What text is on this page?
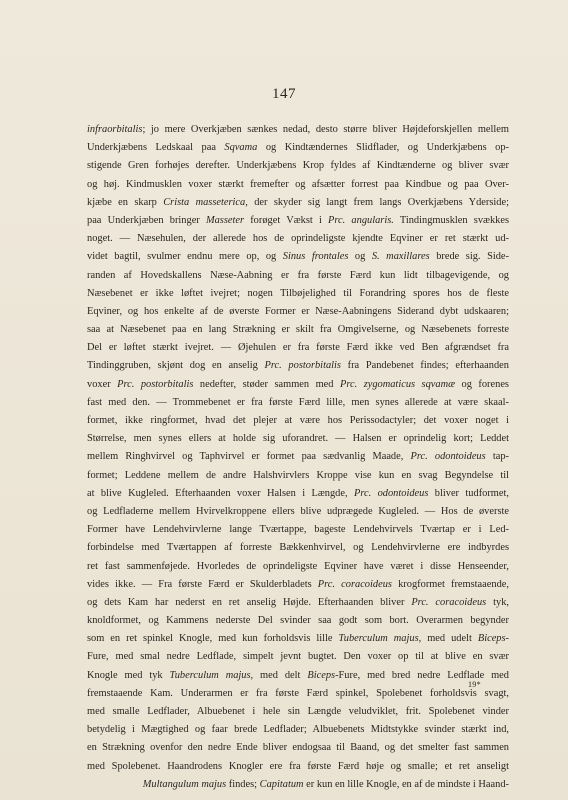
147
infraorbitalis; jo mere Overkjæben sænkes nedad, desto større bliver Højdeforskjellen mellem
Underkjæbens Ledskaal paa Sqvama og Kindtændernes Slidflader, og Underkjæbens op-
stigende Gren forhøjes derefter. Underkjæbens Krop fyldes af Kindtænderne og bliver svær
og høj. Kindmusklen voxer stærkt fremefter og afsætter forrest paa Kindbue og paa Over-
kjæbe en skarp Crista masseterica, der skyder sig langt frem langs Overkjæbens Yderside;
paa Underkjæben bringer Masseter forøget Vækst i Prc. angularis. Tindingmusklen svækkes
noget. — Næsehulen, der allerede hos de oprindeligste kjendte Eqviner er ret stærkt ud-
videt bagtil, svulmer endnu mere op, og Sinus frontales og S. maxillares brede sig. Side-
randen af Hovedskallens Næse-Aabning er fra første Færd kun lidt tilbagevigende, og
Næsebenet er ikke løftet ivejret; nogen Tilbøjelighed til Forandring spores hos de fleste
Eqviner, og hos enkelte af de øverste Former er Næse-Aabningens Siderand dybt udskaaren;
saa at Næsebenet paa en lang Strækning er skilt fra Omgivelserne, og Næsebenets forreste
Del er løftet stærkt ivejret. — Øjehulen er fra første Færd ikke ved Ben afgrændset fra
Tindinggruben, skjønt dog en anselig Prc. postorbitalis fra Pandebenet findes; efterhaanden
voxer Prc. postorbitalis nedefter, støder sammen med Prc. zygomaticus sqvamæ og forenes
fast med den. — Trommebenet er fra første Færd lille, men synes allerede at være skaal-
formet, ikke ringformet, hvad det plejer at være hos Perissodactyler; det voxer noget i
Størrelse, men synes ellers at holde sig uforandret. — Halsen er oprindelig kort; Leddet
mellem Ringhvirvel og Taphvirvel er formet paa sædvanlig Maade, Prc. odontoideus tap-
formet; Leddene mellem de andre Halshvirvlers Kroppe vise kun en svag Begyndelse til
at blive Kugleled. Efterhaanden voxer Halsen i Længde, Prc. odontoideus bliver tudformet,
og Ledfladerne mellem Hvirvelkroppene ellers blive udprægede Kugleled. — Hos de øverste
Former have Lendehvirvlerne lange Tværtappe, bageste Lendehvirvels Tværtap er i Led-
forbindelse med Tværtappen af forreste Bækkenhvirvel, og Lendehvirvlerne ere indbyrdes
ret fast sammenføjede. Hvorledes de oprindeligste Eqviner have været i disse Henseender,
vides ikke. — Fra første Færd er Skulderbladets Prc. coracoideus krogformet fremstaaende,
og dets Kam har nederst en ret anselig Højde. Efterhaanden bliver Prc. coracoideus tyk,
knoldformet, og Kammens nederste Del svinder saa godt som bort. Overarmen begynder
som en ret spinkel Knogle, med kun forholdsvis lille Tuberculum majus, med udelt Biceps-
Fure, med smal nedre Ledflade, simpelt jevnt bugtet. Den voxer op til at blive en svær
Knogle med tyk Tuberculum majus, med delt Biceps-Fure, med bred nedre Ledflade med
fremstaaende Kam. Underarmen er fra første Færd spinkel, Spolebenet forholdsvis svagt,
med smalle Ledflader, Albuebenet i hele sin Længde veludviklet, frit. Spolebenet vinder
betydelig i Mægtighed og faar brede Ledflader; Albuebenets Midtstykke svinder stærkt ind,
en Strækning ovenfor den nedre Ende bliver endogsaa til Baand, og det smelter fast sammen
med Spolebenet. Haandrodens Knogler ere fra første Færd høje og smalle; et ret anseligt
Multangulum majus findes; Capitatum er kun en lille Knogle, en af de mindste i Haand-
19*
